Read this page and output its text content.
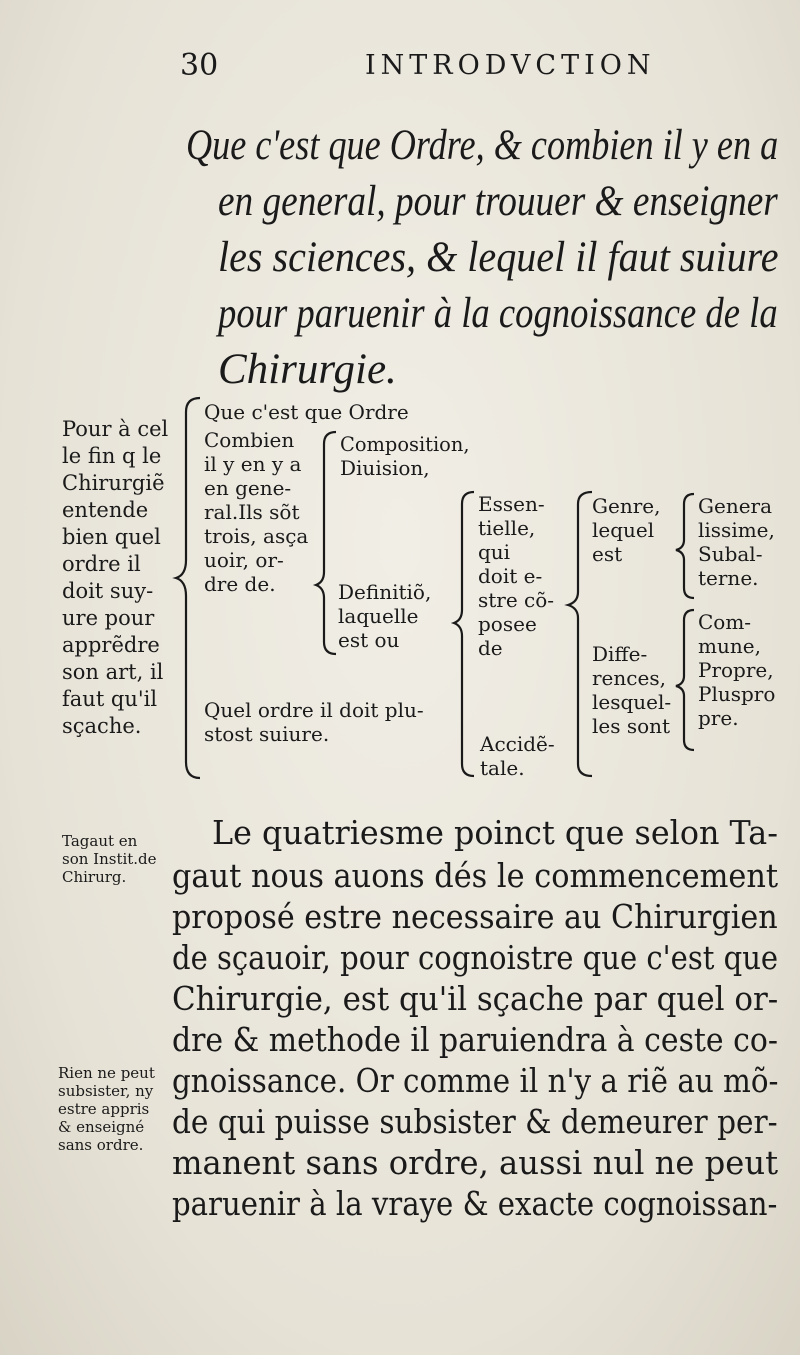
30	INTRODVCTION
Que c'est que Ordre, & combien il y en a
en general, pour trouuer & enseigner
les sciences, & lequel il faut suiure
pour paruenir à la cognoissance de la
Chirurgie.
Pour à cel
le fin q le
Chirurgiẽ
entende
bien quel
ordre il
doit suy-
ure pour
apprẽdre
son art, il
faut qu'il
sçache.
Que c'est que Ordre
Combien
il y en y a
en gene-
ral.Ils sõt
trois, asça
uoir, or-
dre de.
Quel ordre il doit plu-
stost suiure.
Composition,
Diuision,
Definitiõ,
laquelle
est ou
Essen-
tielle,
qui
doit e-
stre cõ-
posee
de
Accidẽ-
tale.
Genre,
lequel
est
Diffe-
rences,
lesquel-
les sont
Genera
lissime,
Subal-
terne.
Com-
mune,
Propre,
Pluspro
pre.
Tagaut en
son Instit.de
Chirurg.
Rien ne peut
subsister, ny
estre appris
& enseigné
sans ordre.
Le quatriesme poinct que selon Ta-
gaut nous auons dés le commencement
proposé estre necessaire au Chirurgien
de sçauoir, pour cognoistre que c'est que
Chirurgie, est qu'il sçache par quel or-
dre & methode il paruiendra à ceste co-
gnoissance. Or comme il n'y a riẽ au mõ-
de qui puisse subsister & demeurer per-
manent sans ordre, aussi nul ne peut
paruenir à la vraye & exacte cognoissan-
